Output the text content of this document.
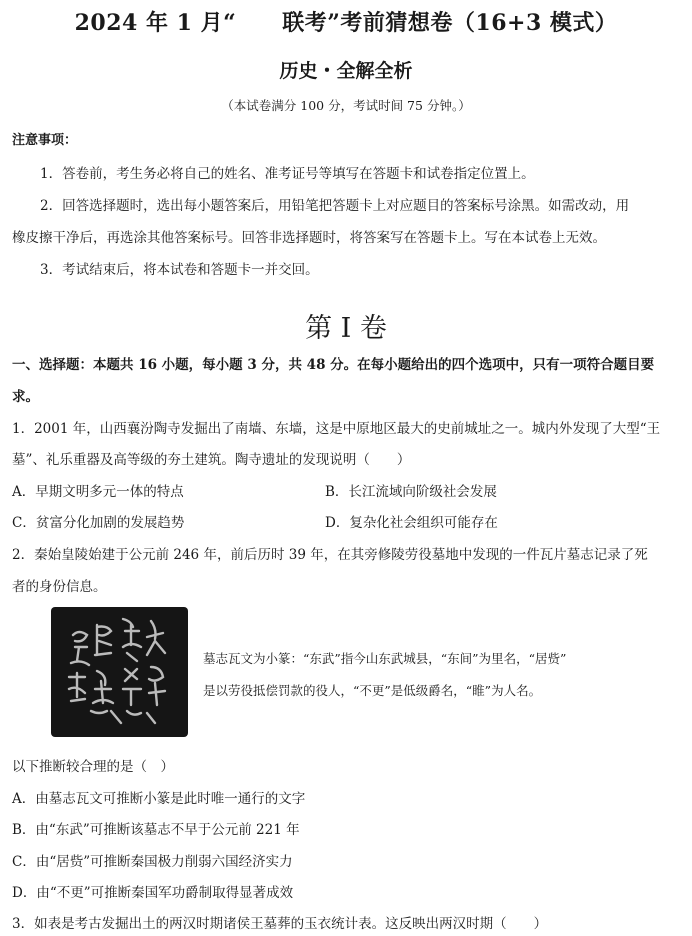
2024 年 1 月“ 联考”考前猜想卷（16+3 模式）
历史・全解全析
（本试卷满分 100 分，考试时间 75 分钟。）
注意事项：
1．答卷前，考生务必将自己的姓名、准考证号等填写在答题卡和试卷指定位置上。
2．回答选择题时，选出每小题答案后，用铅笔把答题卡上对应题目的答案标号涂黑。如需改动，用
橡皮擦干净后，再选涂其他答案标号。回答非选择题时，将答案写在答题卡上。写在本试卷上无效。
3．考试结束后，将本试卷和答题卡一并交回。
第 I 卷
一、选择题：本题共 16 小题，每小题 3 分，共 48 分。在每小题给出的四个选项中，只有一项符合题目要
求。
1．2001 年，山西襄汾陶寺发掘出了南墙、东墙，这是中原地区最大的史前城址之一。城内外发现了大型“王
墓”、礼乐重器及高等级的夯土建筑。陶寺遗址的发现说明（　　）
A．早期文明多元一体的特点	B．长江流域向阶级社会发展
C．贫富分化加剧的发展趋势	D．复杂化社会组织可能存在
2．秦始皇陵始建于公元前 246 年，前后历时 39 年，在其旁修陵劳役墓地中发现的一件瓦片墓志记录了死
者的身份信息。
墓志瓦文为小篆：“东武”指今山东武城县，“东间”为里名，“居赀”
是以劳役抵偿罚款的役人，“不更”是低级爵名，“睢”为人名。
以下推断较合理的是（　）
A．由墓志瓦文可推断小篆是此时唯一通行的文字
B．由“东武”可推断该墓志不早于公元前 221 年
C．由“居赀”可推断秦国极力削弱六国经济实力
D．由“不更”可推断秦国军功爵制取得显著成效
3．如表是考古发掘出土的两汉时期诸侯王墓葬的玉衣统计表。这反映出两汉时期（　　）
